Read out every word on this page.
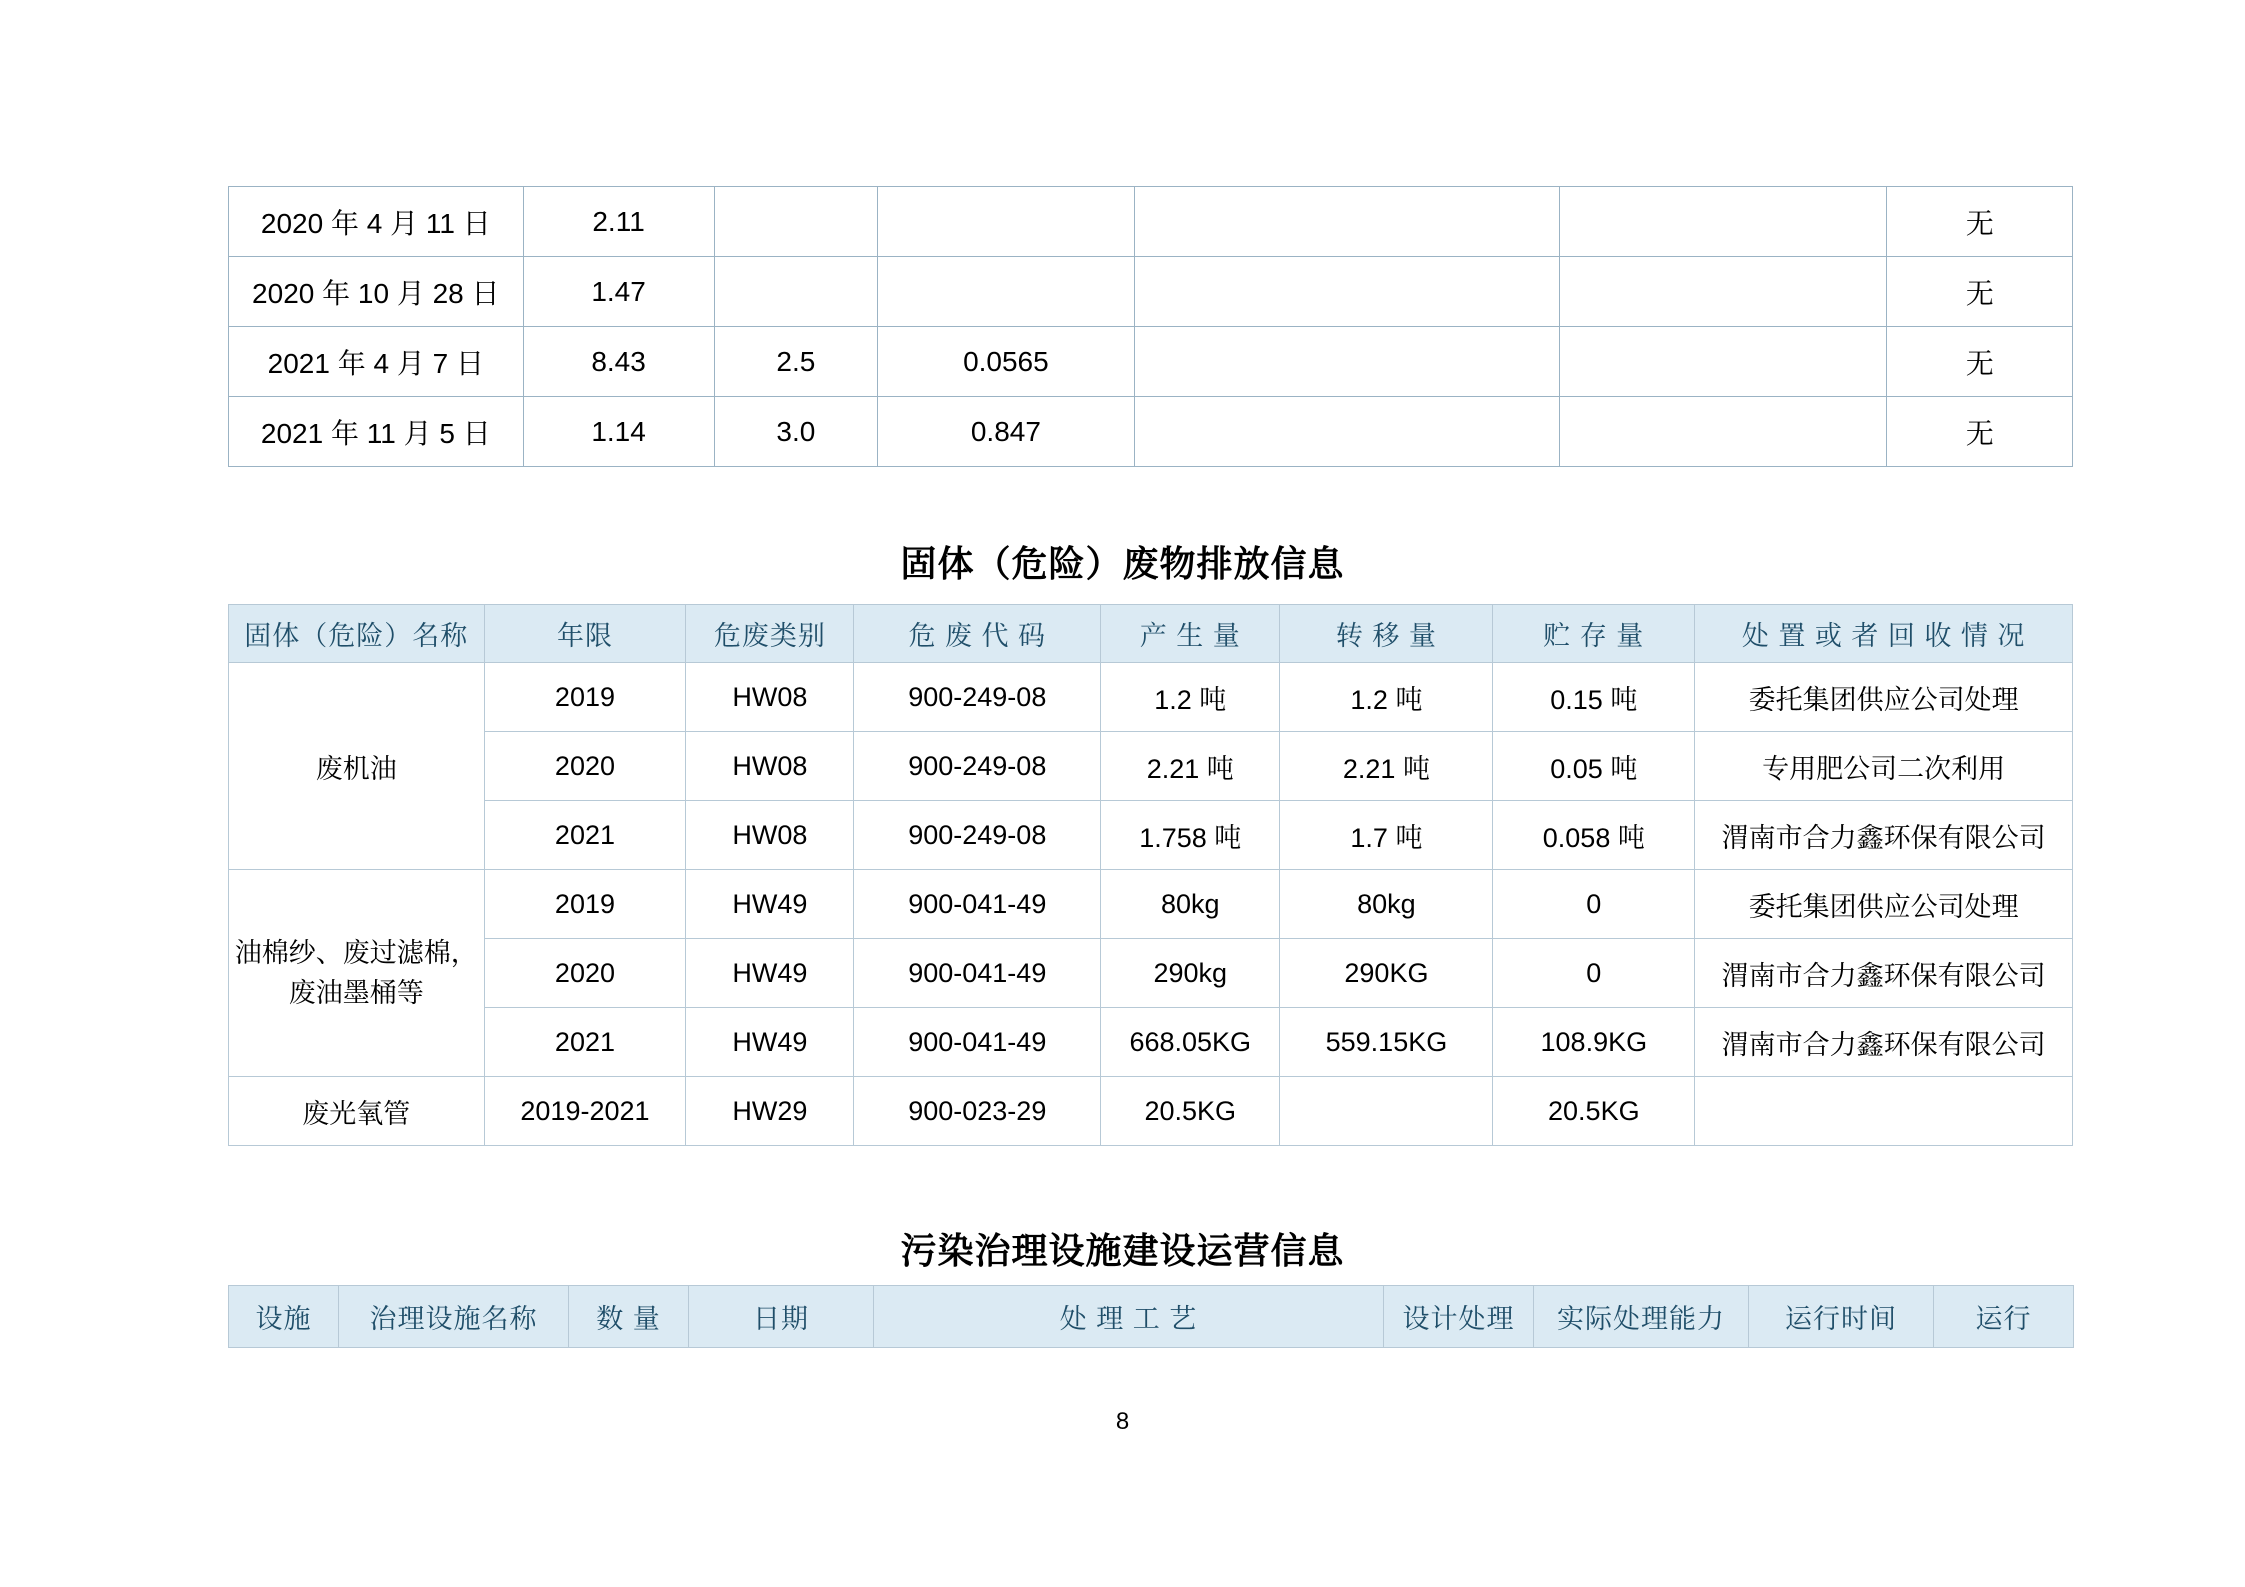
2020 年 4 月 11 日	2.11					无
2020 年 10 月 28 日	1.47					无
2021 年 4 月 7 日	8.43	2.5	0.0565			无
2021 年 11 月 5 日	1.14	3.0	0.847			无
固体（危险）废物排放信息
固体（危险）名称	年限	危废类别	危 废 代 码	产 生 量	转 移 量	贮 存 量	处 置 或 者 回 收 情 况
废机油	2019	HW08	900-249-08	1.2 吨	1.2 吨	0.15 吨	委托集团供应公司处理
	2020	HW08	900-249-08	2.21 吨	2.21 吨	0.05 吨	专用肥公司二次利用
	2021	HW08	900-249-08	1.758 吨	1.7 吨	0.058 吨	渭南市合力鑫环保有限公司
油棉纱、废过滤棉，废油墨桶等	2019	HW49	900-041-49	80kg	80kg	0	委托集团供应公司处理
	2020	HW49	900-041-49	290kg	290KG	0	渭南市合力鑫环保有限公司
	2021	HW49	900-041-49	668.05KG	559.15KG	108.9KG	渭南市合力鑫环保有限公司
废光氧管	2019-2021	HW29	900-023-29	20.5KG		20.5KG	
污染治理设施建设运营信息
设施	治理设施名称	数 量	日期	处 理 工 艺	设计处理	实际处理能力	运行时间	运行
8
